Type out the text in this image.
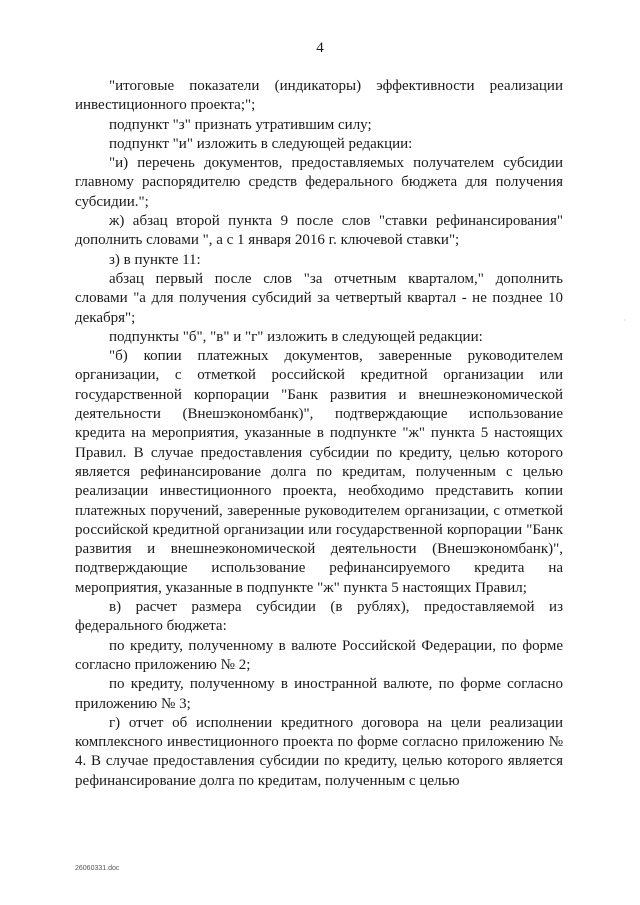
4

"итоговые показатели (индикаторы) эффективности реализации инвестиционного проекта;";

подпункт "з" признать утратившим силу;

подпункт "и" изложить в следующей редакции:

"и) перечень документов, предоставляемых получателем субсидии главному распорядителю средств федерального бюджета для получения субсидии.";

ж) абзац второй пункта 9 после слов "ставки рефинансирования" дополнить словами ", а с 1 января 2016 г. ключевой ставки";

з) в пункте 11:

абзац первый после слов "за отчетным кварталом," дополнить словами "а для получения субсидий за четвертый квартал - не позднее 10 декабря";

подпункты "б", "в" и "г" изложить в следующей редакции:

"б) копии платежных документов, заверенные руководителем организации, с отметкой российской кредитной организации или государственной корпорации "Банк развития и внешнеэкономической деятельности (Внешэкономбанк)", подтверждающие использование кредита на мероприятия, указанные в подпункте "ж" пункта 5 настоящих Правил. В случае предоставления субсидии по кредиту, целью которого является рефинансирование долга по кредитам, полученным с целью реализации инвестиционного проекта, необходимо представить копии платежных поручений, заверенные руководителем организации, с отметкой российской кредитной организации или государственной корпорации "Банк развития и внешнеэкономической деятельности (Внешэкономбанк)", подтверждающие использование рефинансируемого кредита на мероприятия, указанные в подпункте "ж" пункта 5 настоящих Правил;

в) расчет размера субсидии (в рублях), предоставляемой из федерального бюджета:

по кредиту, полученному в валюте Российской Федерации, по форме согласно приложению № 2;

по кредиту, полученному в иностранной валюте, по форме согласно приложению № 3;

г) отчет об исполнении кредитного договора на цели реализации комплексного инвестиционного проекта по форме согласно приложению № 4. В случае предоставления субсидии по кредиту, целью которого является рефинансирование долга по кредитам, полученным с целью

·
26060331.doc
